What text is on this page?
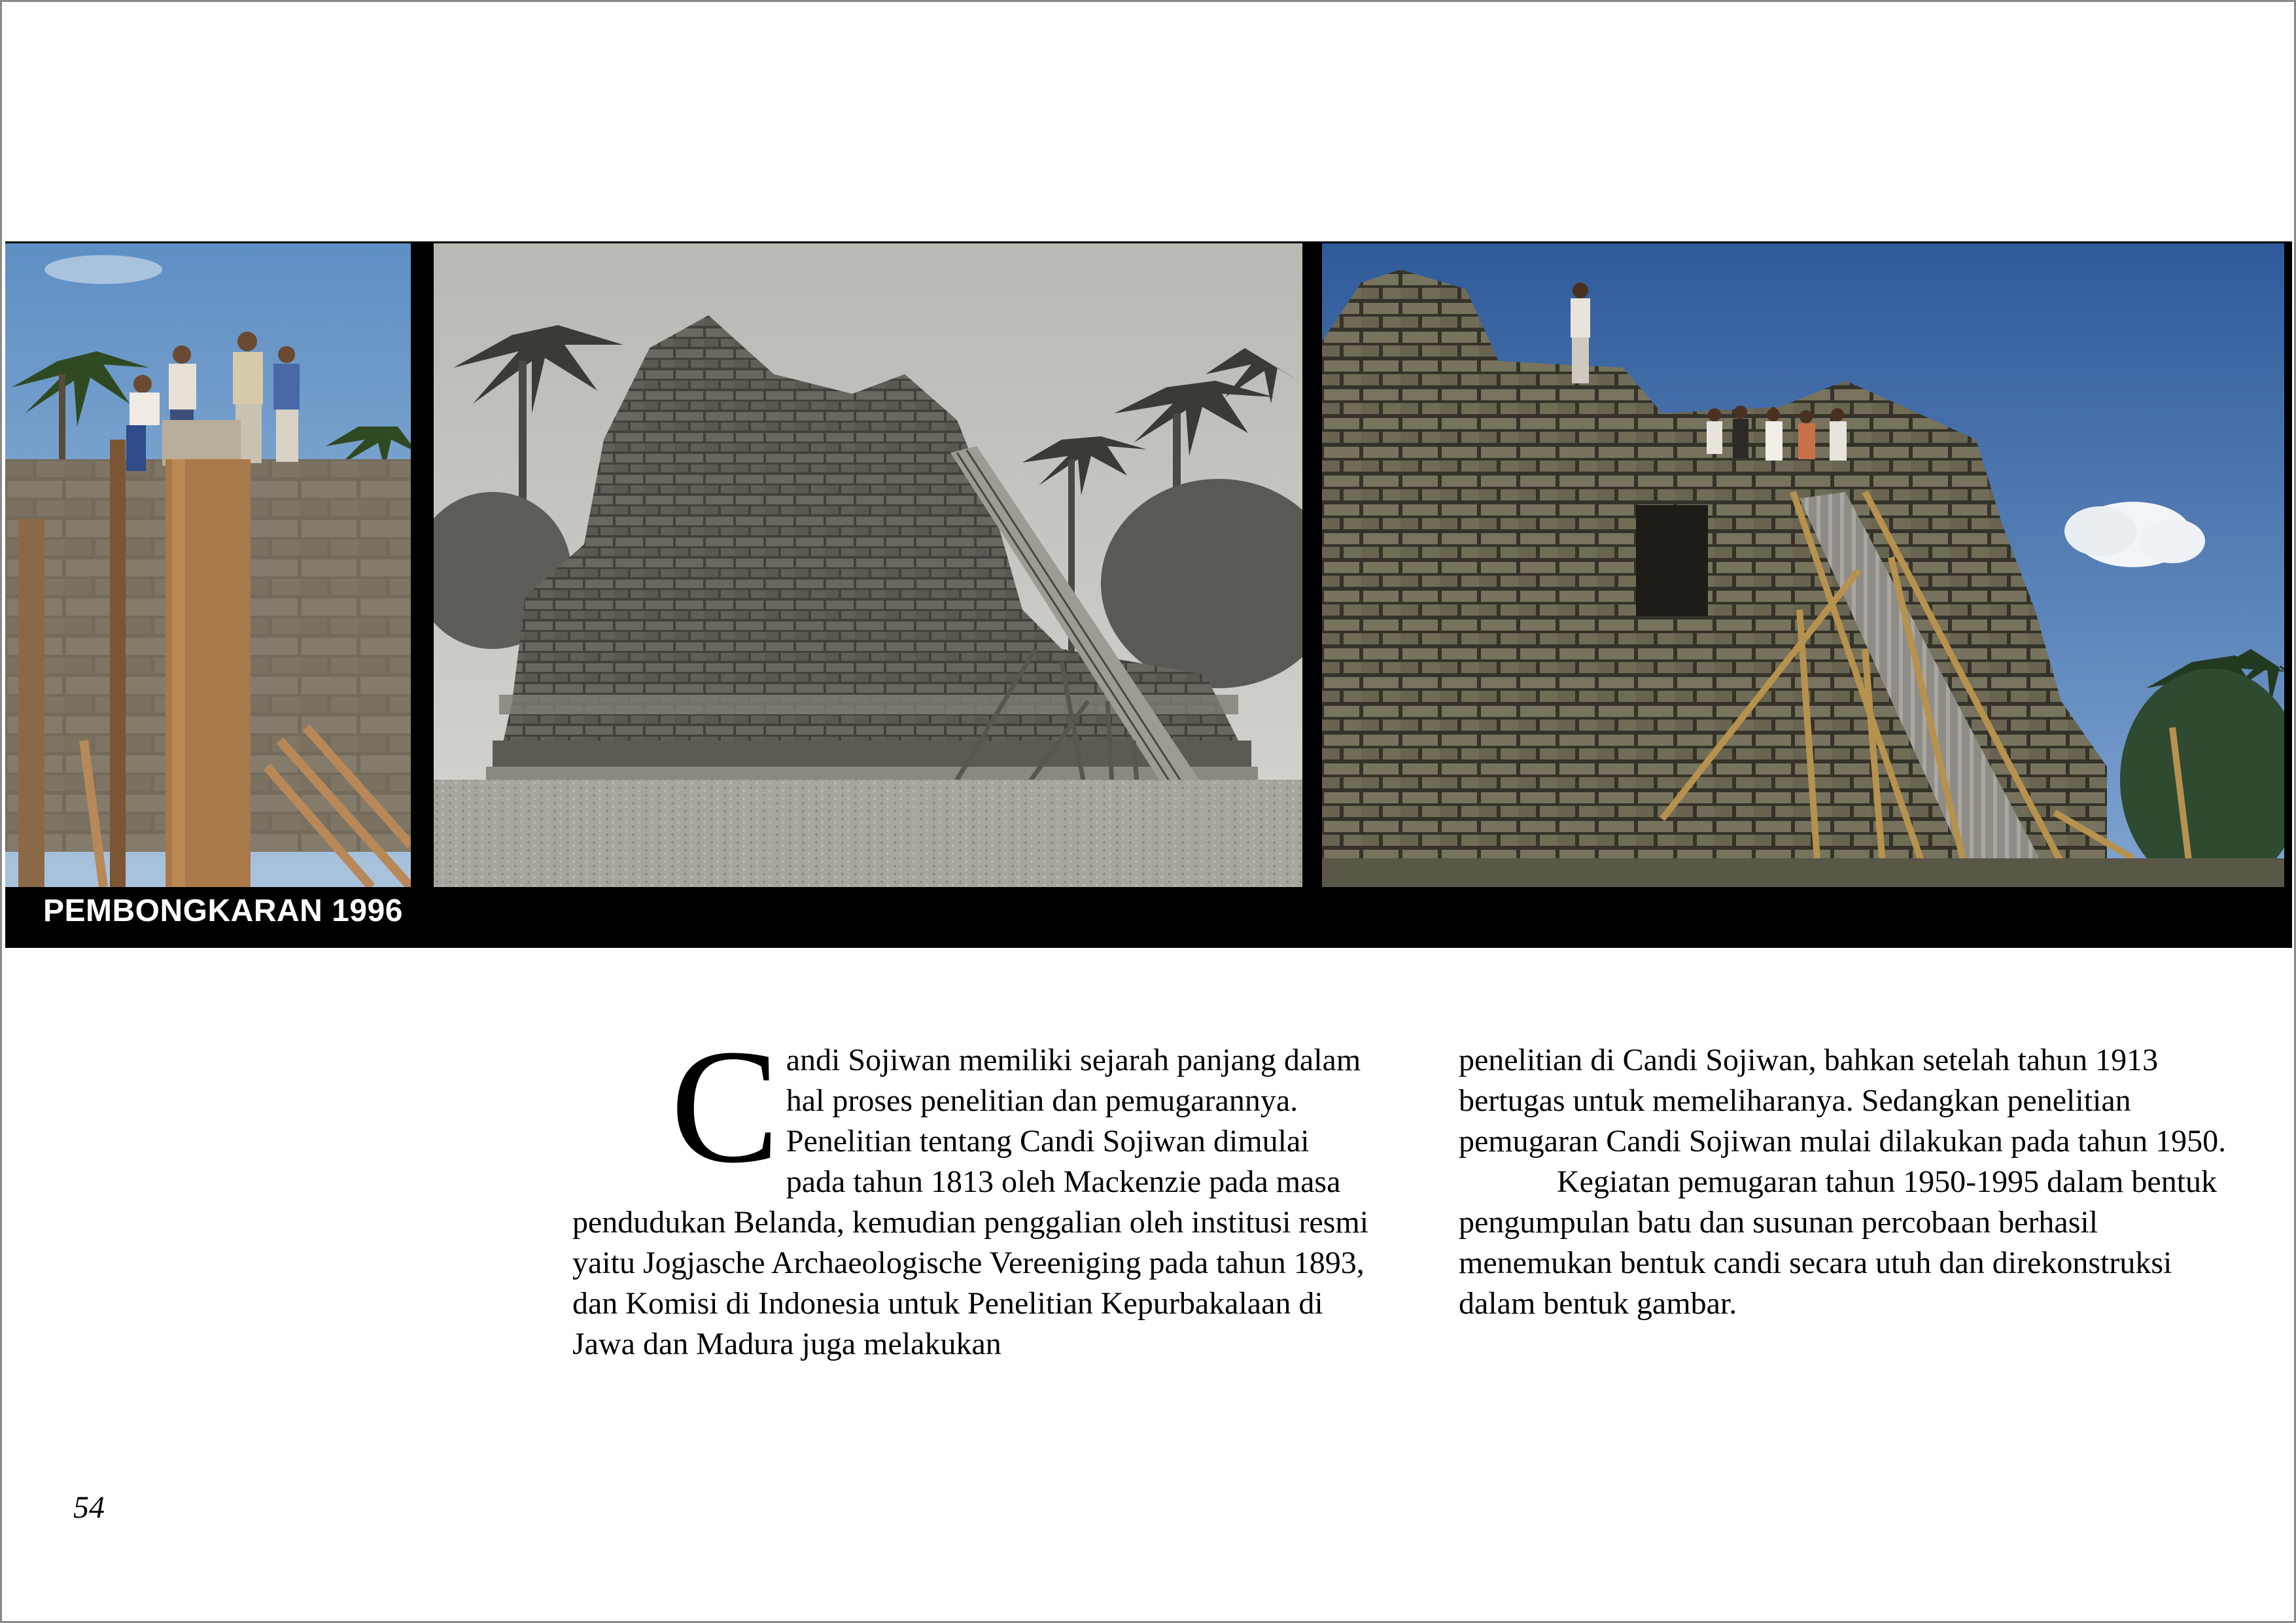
PEMBONGKARAN 1996

Candi Sojiwan memiliki sejarah panjang dalam hal proses penelitian dan pemugarannya. Penelitian tentang Candi Sojiwan dimulai pada tahun 1813 oleh Mackenzie pada masa pendudukan Belanda, kemudian penggalian oleh institusi resmi yaitu Jogjasche Archaeologische Vereeniging pada tahun 1893, dan Komisi di Indonesia untuk Penelitian Kepurbakalaan di Jawa dan Madura juga melakukan

penelitian di Candi Sojiwan, bahkan setelah tahun 1913 bertugas untuk memeliharanya. Sedangkan penelitian pemugaran Candi Sojiwan mulai dilakukan pada tahun 1950.

Kegiatan pemugaran tahun 1950-1995 dalam bentuk pengumpulan batu dan susunan percobaan berhasil menemukan bentuk candi secara utuh dan direkonstruksi dalam bentuk gambar.

54
